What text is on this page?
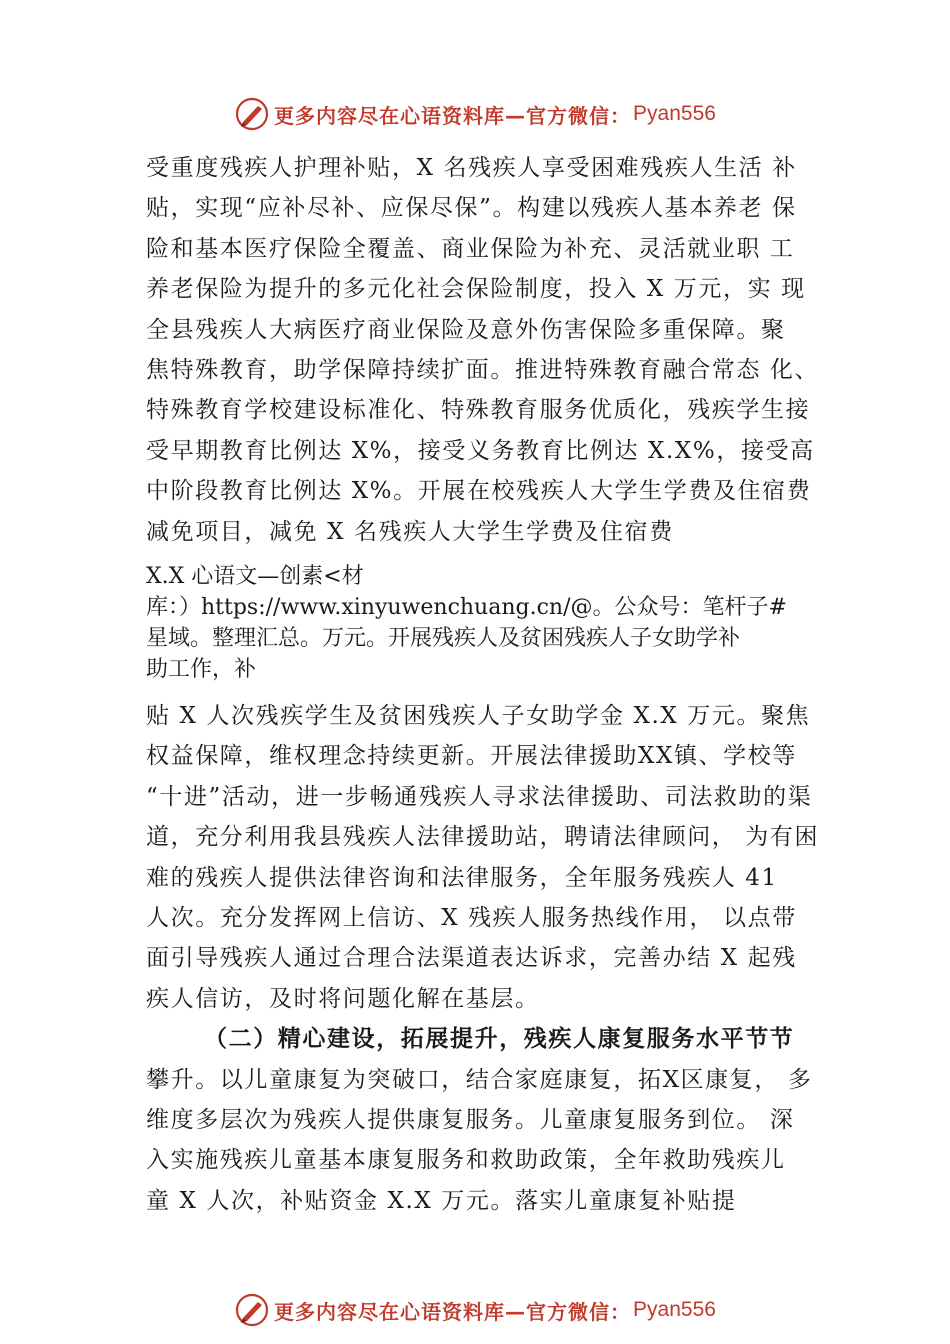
更多内容尽在心语资料库—官方微信： Pyan556
受重度残疾人护理补贴，X 名残疾人享受困难残疾人生活 补
贴，实现“应补尽补、应保尽保”。构建以残疾人基本养老 保
险和基本医疗保险全覆盖、商业保险为补充、灵活就业职 工
养老保险为提升的多元化社会保险制度，投入 X 万元，实 现
全县残疾人大病医疗商业保险及意外伤害保险多重保障。聚
焦特殊教育，助学保障持续扩面。推进特殊教育融合常态 化、
特殊教育学校建设标准化、特殊教育服务优质化，残疾学生接
受早期教育比例达 X%，接受义务教育比例达 X.X%，接受高
中阶段教育比例达 X%。开展在校残疾人大学生学费及住宿费
减免项目，减免 X 名残疾人大学生学费及住宿费
X.X 心语文—创素<材
库：）https://www.xinyuwenchuang.cn/@。公众号：笔杆子#
星域。整理汇总。万元。开展残疾人及贫困残疾人子女助学补
助工作，补
贴 X 人次残疾学生及贫困残疾人子女助学金 X.X 万元。聚焦
权益保障，维权理念持续更新。开展法律援助XX镇、学校等
“十进”活动，进一步畅通残疾人寻求法律援助、司法救助的渠
道，充分利用我县残疾人法律援助站，聘请法律顾问， 为有困
难的残疾人提供法律咨询和法律服务，全年服务残疾人 41
人次。充分发挥网上信访、X 残疾人服务热线作用， 以点带
面引导残疾人通过合理合法渠道表达诉求，完善办结 X 起残
疾人信访，及时将问题化解在基层。
（二）精心建设，拓展提升，残疾人康复服务水平节节
攀升。以儿童康复为突破口，结合家庭康复，拓X区康复， 多
维度多层次为残疾人提供康复服务。儿童康复服务到位。 深
入实施残疾儿童基本康复服务和救助政策，全年救助残疾儿
童 X 人次，补贴资金 X.X 万元。落实儿童康复补贴提
更多内容尽在心语资料库—官方微信： Pyan556
